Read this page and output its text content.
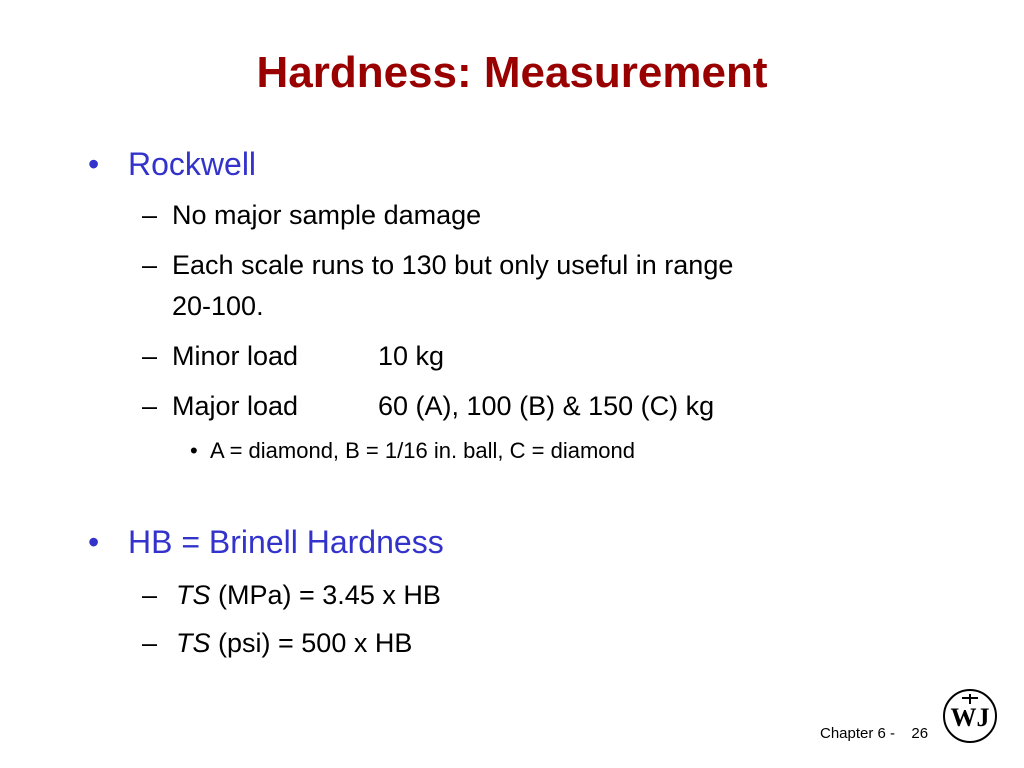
Hardness: Measurement
• Rockwell
– No major sample damage
– Each scale runs to 130 but only useful in range
20-100.
– Minor load	10 kg
– Major load	60 (A), 100 (B) & 150 (C) kg
• A = diamond, B = 1/16 in. ball, C = diamond
• HB = Brinell Hardness
– TS (MPa) = 3.45 x HB
– TS (psi) = 500 x HB
Chapter 6 - 26
WJ
